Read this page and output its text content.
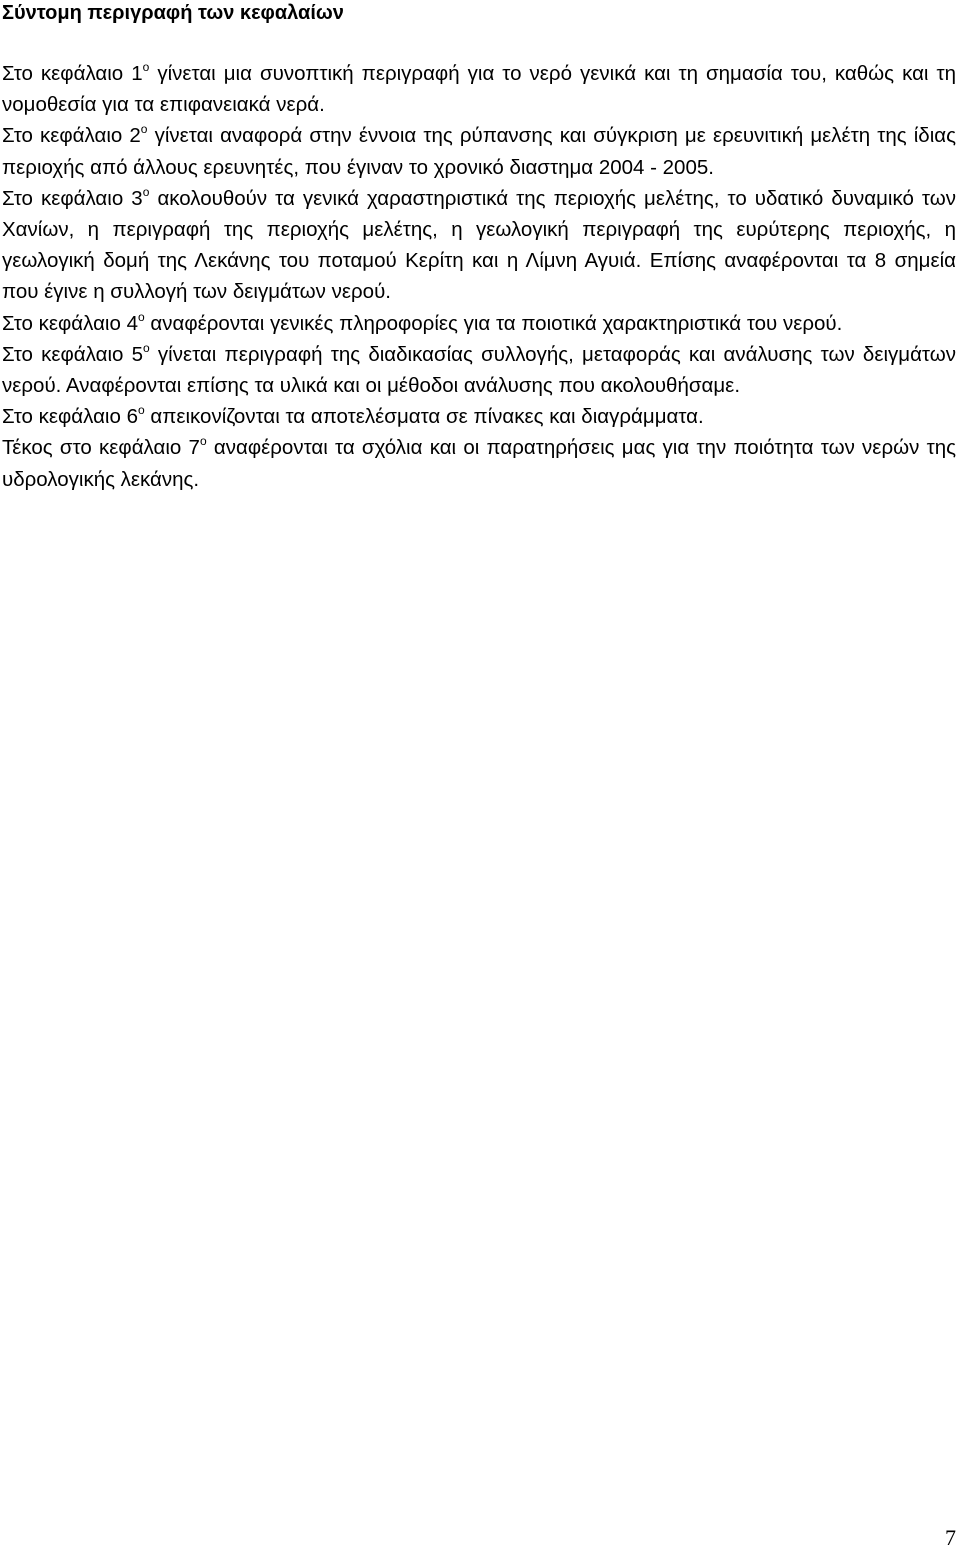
Σύντομη περιγραφή των κεφαλαίων

Στο κεφάλαιο $1^o$ γίνεται μια συνοπτική περιγραφή για το νερό γενικά και τη σημασία του, καθώς και τη νομοθεσία για τα επιφανειακά νερά.

Στο κεφάλαιο $2^o$ γίνεται αναφορά στην έννοια της ρύπανσης και σύγκριση με ερευνιτική μελέτη της ίδιας περιοχής από άλλους ερευνητές, που έγιναν το χρονικό διαστημα 2004 - 2005.

Στο κεφάλαιο $3^o$ ακολουθούν τα γενικά χαραστηριστικά της περιοχής μελέτης, το υδατικό δυναμικό των Χανίων, η περιγραφή της περιοχής μελέτης, η γεωλογική περιγραφή της ευρύτερης περιοχής, η γεωλογική δομή της Λεκάνης του ποταμού Κερίτη και η Λίμνη Αγυιά. Επίσης αναφέρονται τα 8 σημεία που έγινε η συλλογή των δειγμάτων νερού.

Στο κεφάλαιο $4^o$ αναφέρονται γενικές πληροφορίες για τα ποιοτικά χαρακτηριστικά του νερού.

Στο κεφάλαιο $5^o$ γίνεται περιγραφή της διαδικασίας συλλογής, μεταφοράς και ανάλυσης των δειγμάτων νερού. Αναφέρονται επίσης τα υλικά και οι μέθοδοι ανάλυσης που ακολουθήσαμε.

Στο κεφάλαιο $6^o$ απεικονίζονται τα αποτελέσματα σε πίνακες και διαγράμματα.

Τέκος στο κεφάλαιο $7^o$ αναφέρονται τα σχόλια και οι παρατηρήσεις μας για την ποιότητα των νερών της υδρολογικής λεκάνης.

7
